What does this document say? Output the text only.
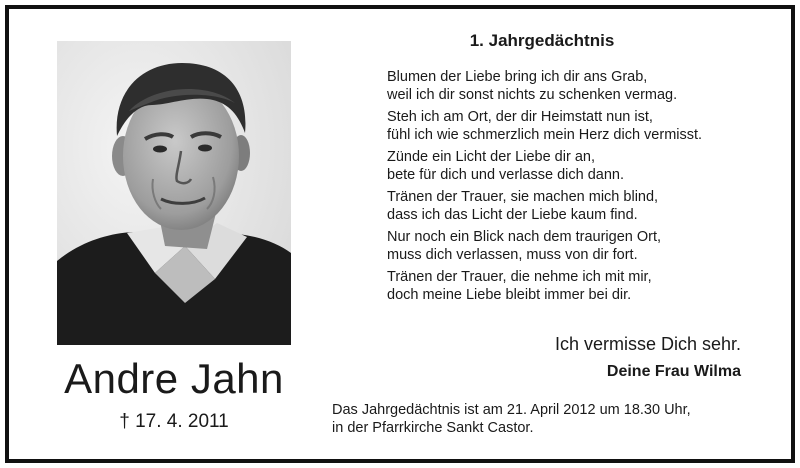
Andre Jahn
† 17. 4. 2011
1. Jahrgedächtnis
Blumen der Liebe bring ich dir ans Grab,
weil ich dir sonst nichts zu schenken vermag.
Steh ich am Ort, der dir Heimstatt nun ist,
fühl ich wie schmerzlich mein Herz dich vermisst.
Zünde ein Licht der Liebe dir an,
bete für dich und verlasse dich dann.
Tränen der Trauer, sie machen mich blind,
dass ich das Licht der Liebe kaum find.
Nur noch ein Blick nach dem traurigen Ort,
muss dich verlassen, muss von dir fort.
Tränen der Trauer, die nehme ich mit mir,
doch meine Liebe bleibt immer bei dir.
Ich vermisse Dich sehr.
Deine Frau Wilma
Das Jahrgedächtnis ist am 21. April 2012 um 18.30 Uhr,
in der Pfarrkirche Sankt Castor.
